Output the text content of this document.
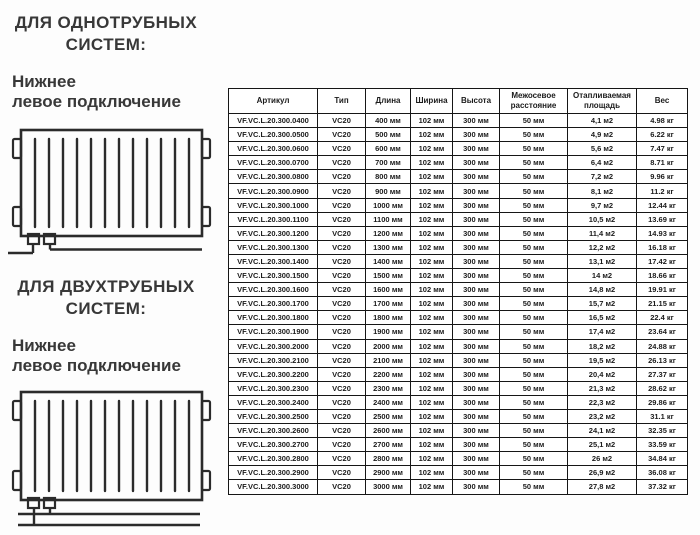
ДЛЯ ОДНОТРУБНЫХ
СИСТЕМ:
Нижнее
левое подключение
ДЛЯ ДВУХТРУБНЫХ
СИСТЕМ:
Нижнее
левое подключение
Артикул	Тип	Длина	Ширина	Высота	Межосевое расстояние	Отапливаемая площадь	Вес
VF.VC.L.20.300.0400	VC20	400 мм	102 мм	300 мм	50 мм	4,1 м2	4.98 кг
VF.VC.L.20.300.0500	VC20	500 мм	102 мм	300 мм	50 мм	4,9 м2	6.22 кг
VF.VC.L.20.300.0600	VC20	600 мм	102 мм	300 мм	50 мм	5,6 м2	7.47 кг
VF.VC.L.20.300.0700	VC20	700 мм	102 мм	300 мм	50 мм	6,4 м2	8.71 кг
VF.VC.L.20.300.0800	VC20	800 мм	102 мм	300 мм	50 мм	7,2 м2	9.96 кг
VF.VC.L.20.300.0900	VC20	900 мм	102 мм	300 мм	50 мм	8,1 м2	11.2 кг
VF.VC.L.20.300.1000	VC20	1000 мм	102 мм	300 мм	50 мм	9,7 м2	12.44 кг
VF.VC.L.20.300.1100	VC20	1100 мм	102 мм	300 мм	50 мм	10,5 м2	13.69 кг
VF.VC.L.20.300.1200	VC20	1200 мм	102 мм	300 мм	50 мм	11,4 м2	14.93 кг
VF.VC.L.20.300.1300	VC20	1300 мм	102 мм	300 мм	50 мм	12,2 м2	16.18 кг
VF.VC.L.20.300.1400	VC20	1400 мм	102 мм	300 мм	50 мм	13,1 м2	17.42 кг
VF.VC.L.20.300.1500	VC20	1500 мм	102 мм	300 мм	50 мм	14 м2	18.66 кг
VF.VC.L.20.300.1600	VC20	1600 мм	102 мм	300 мм	50 мм	14,8 м2	19.91 кг
VF.VC.L.20.300.1700	VC20	1700 мм	102 мм	300 мм	50 мм	15,7 м2	21.15 кг
VF.VC.L.20.300.1800	VC20	1800 мм	102 мм	300 мм	50 мм	16,5 м2	22.4 кг
VF.VC.L.20.300.1900	VC20	1900 мм	102 мм	300 мм	50 мм	17,4 м2	23.64 кг
VF.VC.L.20.300.2000	VC20	2000 мм	102 мм	300 мм	50 мм	18,2 м2	24.88 кг
VF.VC.L.20.300.2100	VC20	2100 мм	102 мм	300 мм	50 мм	19,5 м2	26.13 кг
VF.VC.L.20.300.2200	VC20	2200 мм	102 мм	300 мм	50 мм	20,4 м2	27.37 кг
VF.VC.L.20.300.2300	VC20	2300 мм	102 мм	300 мм	50 мм	21,3 м2	28.62 кг
VF.VC.L.20.300.2400	VC20	2400 мм	102 мм	300 мм	50 мм	22,3 м2	29.86 кг
VF.VC.L.20.300.2500	VC20	2500 мм	102 мм	300 мм	50 мм	23,2 м2	31.1 кг
VF.VC.L.20.300.2600	VC20	2600 мм	102 мм	300 мм	50 мм	24,1 м2	32.35 кг
VF.VC.L.20.300.2700	VC20	2700 мм	102 мм	300 мм	50 мм	25,1 м2	33.59 кг
VF.VC.L.20.300.2800	VC20	2800 мм	102 мм	300 мм	50 мм	26 м2	34.84 кг
VF.VC.L.20.300.2900	VC20	2900 мм	102 мм	300 мм	50 мм	26,9 м2	36.08 кг
VF.VC.L.20.300.3000	VC20	3000 мм	102 мм	300 мм	50 мм	27,8 м2	37.32 кг
